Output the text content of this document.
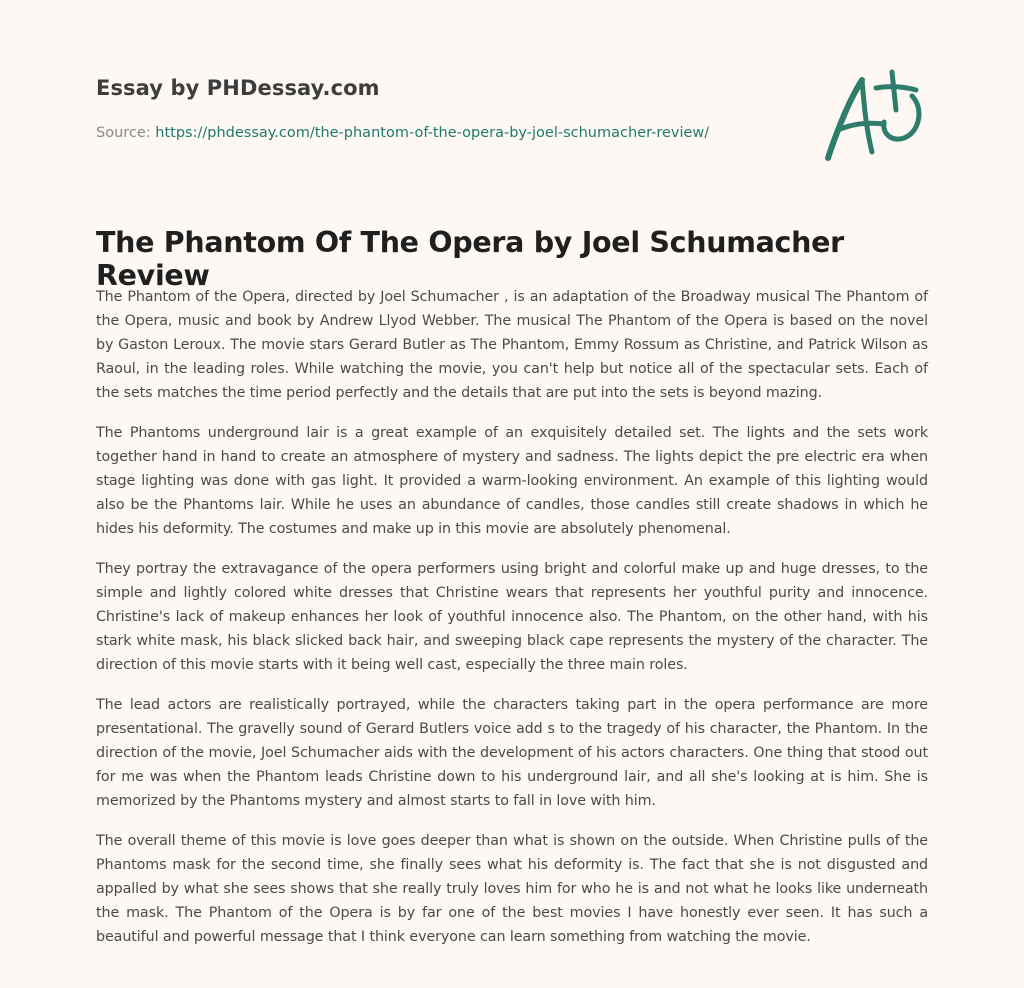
Essay by PHDessay.com
Source: https://phdessay.com/the-phantom-of-the-opera-by-joel-schumacher-review/
The Phantom Of The Opera by Joel Schumacher Review

The Phantom of the Opera, directed by Joel Schumacher , is an adaptation of the Broadway musical The Phantom of the Opera, music and book by Andrew Llyod Webber. The musical The Phantom of the Opera is based on the novel by Gaston Leroux. The movie stars Gerard Butler as The Phantom, Emmy Rossum as Christine, and Patrick Wilson as Raoul, in the leading roles. While watching the movie, you can't help but notice all of the spectacular sets. Each of the sets matches the time period perfectly and the details that are put into the sets is beyond mazing.

The Phantoms underground lair is a great example of an exquisitely detailed set. The lights and the sets work together hand in hand to create an atmosphere of mystery and sadness. The lights depict the pre electric era when stage lighting was done with gas light. It provided a warm-looking environment. An example of this lighting would also be the Phantoms lair. While he uses an abundance of candles, those candles still create shadows in which he hides his deformity. The costumes and make up in this movie are absolutely phenomenal.

They portray the extravagance of the opera performers using bright and colorful make up and huge dresses, to the simple and lightly colored white dresses that Christine wears that represents her youthful purity and innocence. Christine's lack of makeup enhances her look of youthful innocence also. The Phantom, on the other hand, with his stark white mask, his black slicked back hair, and sweeping black cape represents the mystery of the character. The direction of this movie starts with it being well cast, especially the three main roles.

The lead actors are realistically portrayed, while the characters taking part in the opera performance are more presentational. The gravelly sound of Gerard Butlers voice add s to the tragedy of his character, the Phantom. In the direction of the movie, Joel Schumacher aids with the development of his actors characters. One thing that stood out for me was when the Phantom leads Christine down to his underground lair, and all she's looking at is him. She is memorized by the Phantoms mystery and almost starts to fall in love with him.

The overall theme of this movie is love goes deeper than what is shown on the outside. When Christine pulls of the Phantoms mask for the second time, she finally sees what his deformity is. The fact that she is not disgusted and appalled by what she sees shows that she really truly loves him for who he is and not what he looks like underneath the mask. The Phantom of the Opera is by far one of the best movies I have honestly ever seen. It has such a beautiful and powerful message that I think everyone can learn something from watching the movie.
